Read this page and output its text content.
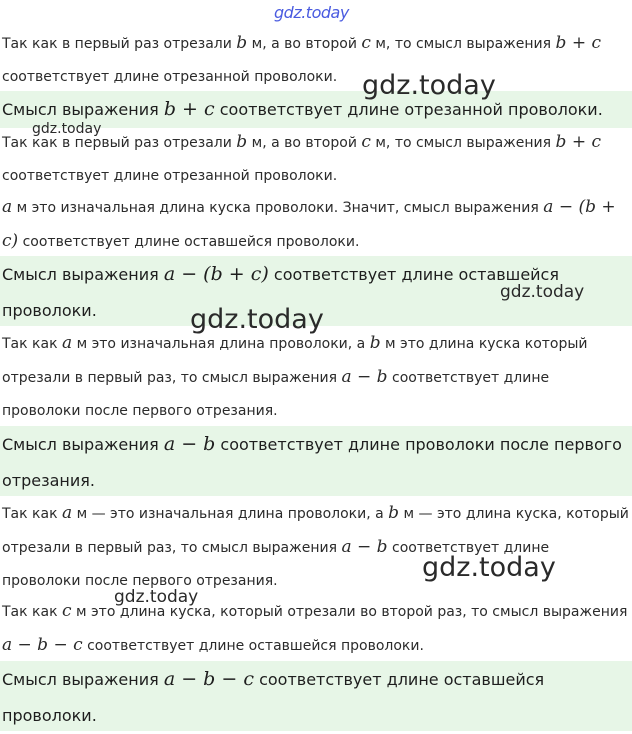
gdz.today
gdz.today
gdz.today
gdz.today
gdz.today
gdz.today
gdz.today
Так как в первый раз отрезали b м, а во второй c м, то смысл выражения b + c соответствует длине отрезанной проволоки.
Смысл выражения b + c соответствует длине отрезанной проволоки.
Так как в первый раз отрезали b м, а во второй c м, то смысл выражения b + c соответствует длине отрезанной проволоки.
a м это изначальная длина куска проволоки. Значит, смысл выражения a − (b + c) соответствует длине оставшейся проволоки.
Смысл выражения a − (b + c) соответствует длине оставшейся проволоки.
Так как a м это изначальная длина проволоки, а b м это длина куска который отрезали в первый раз, то смысл выражения a − b соответствует длине проволоки после первого отрезания.
Смысл выражения a − b соответствует длине проволоки после первого отрезания.
Так как a м — это изначальная длина проволоки, а b м — это длина куска, который отрезали в первый раз, то смысл выражения a − b соответствует длине проволоки после первого отрезания.
Так как c м это длина куска, который отрезали во второй раз, то смысл выражения a − b − c соответствует длине оставшейся проволоки.
Смысл выражения a − b − c соответствует длине оставшейся проволоки.
